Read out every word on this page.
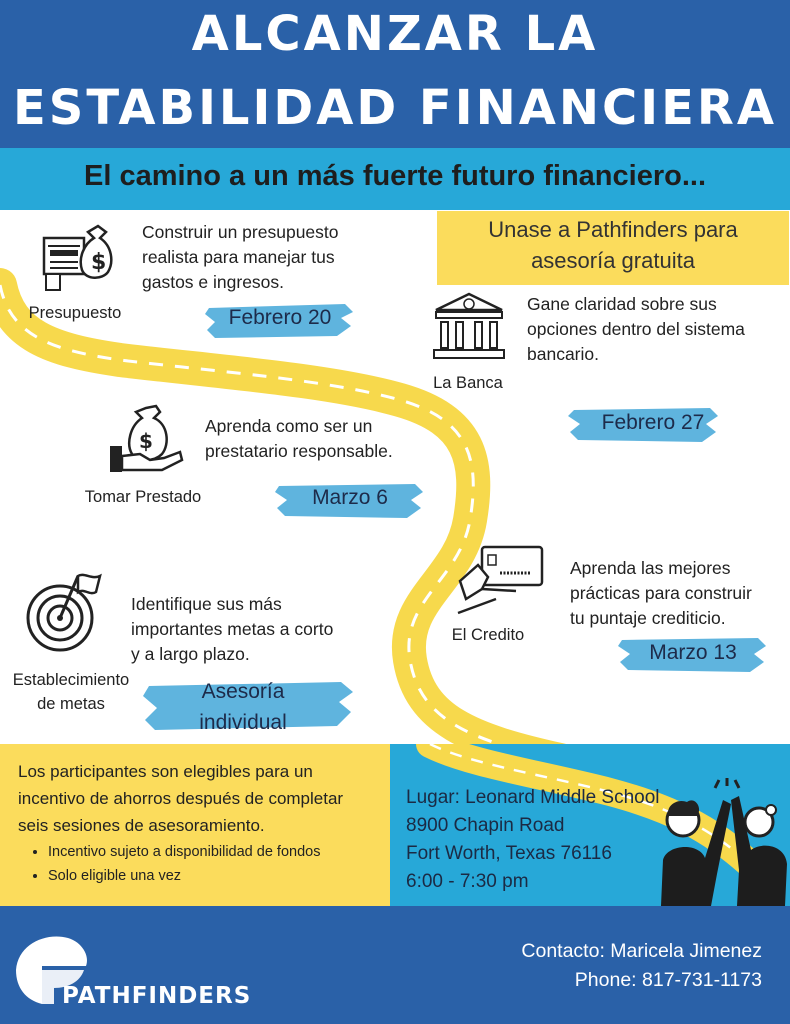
ALCANZAR LA
ESTABILIDAD FINANCIERA
El camino a un más fuerte futuro financiero...
Unase a Pathfinders para
asesoría gratuita
$
Presupuesto
Construir un presupuesto
realista para manejar tus
gastos e ingresos.
Febrero 20
La Banca
Gane claridad sobre sus
opciones dentro del sistema
bancario.
Febrero 27
$
Tomar Prestado
Aprenda como ser un
prestatario responsable.
Marzo 6
El Credito
Aprenda las mejores
prácticas para construir
tu puntaje crediticio.
Marzo 13
Establecimiento
de metas
Identifique sus más
importantes metas a corto
y a largo plazo.
Asesoría
individual
Los participantes son elegibles para un
incentivo de ahorros después de completar
seis sesiones de asesoramiento.
• Incentivo sujeto a disponibilidad de fondos
• Solo eligible una vez
Lugar: Leonard Middle School
8900 Chapin Road
Fort Worth, Texas 76116
6:00 - 7:30 pm
PATHFINDERS
Contacto: Maricela Jimenez
Phone: 817-731-1173
